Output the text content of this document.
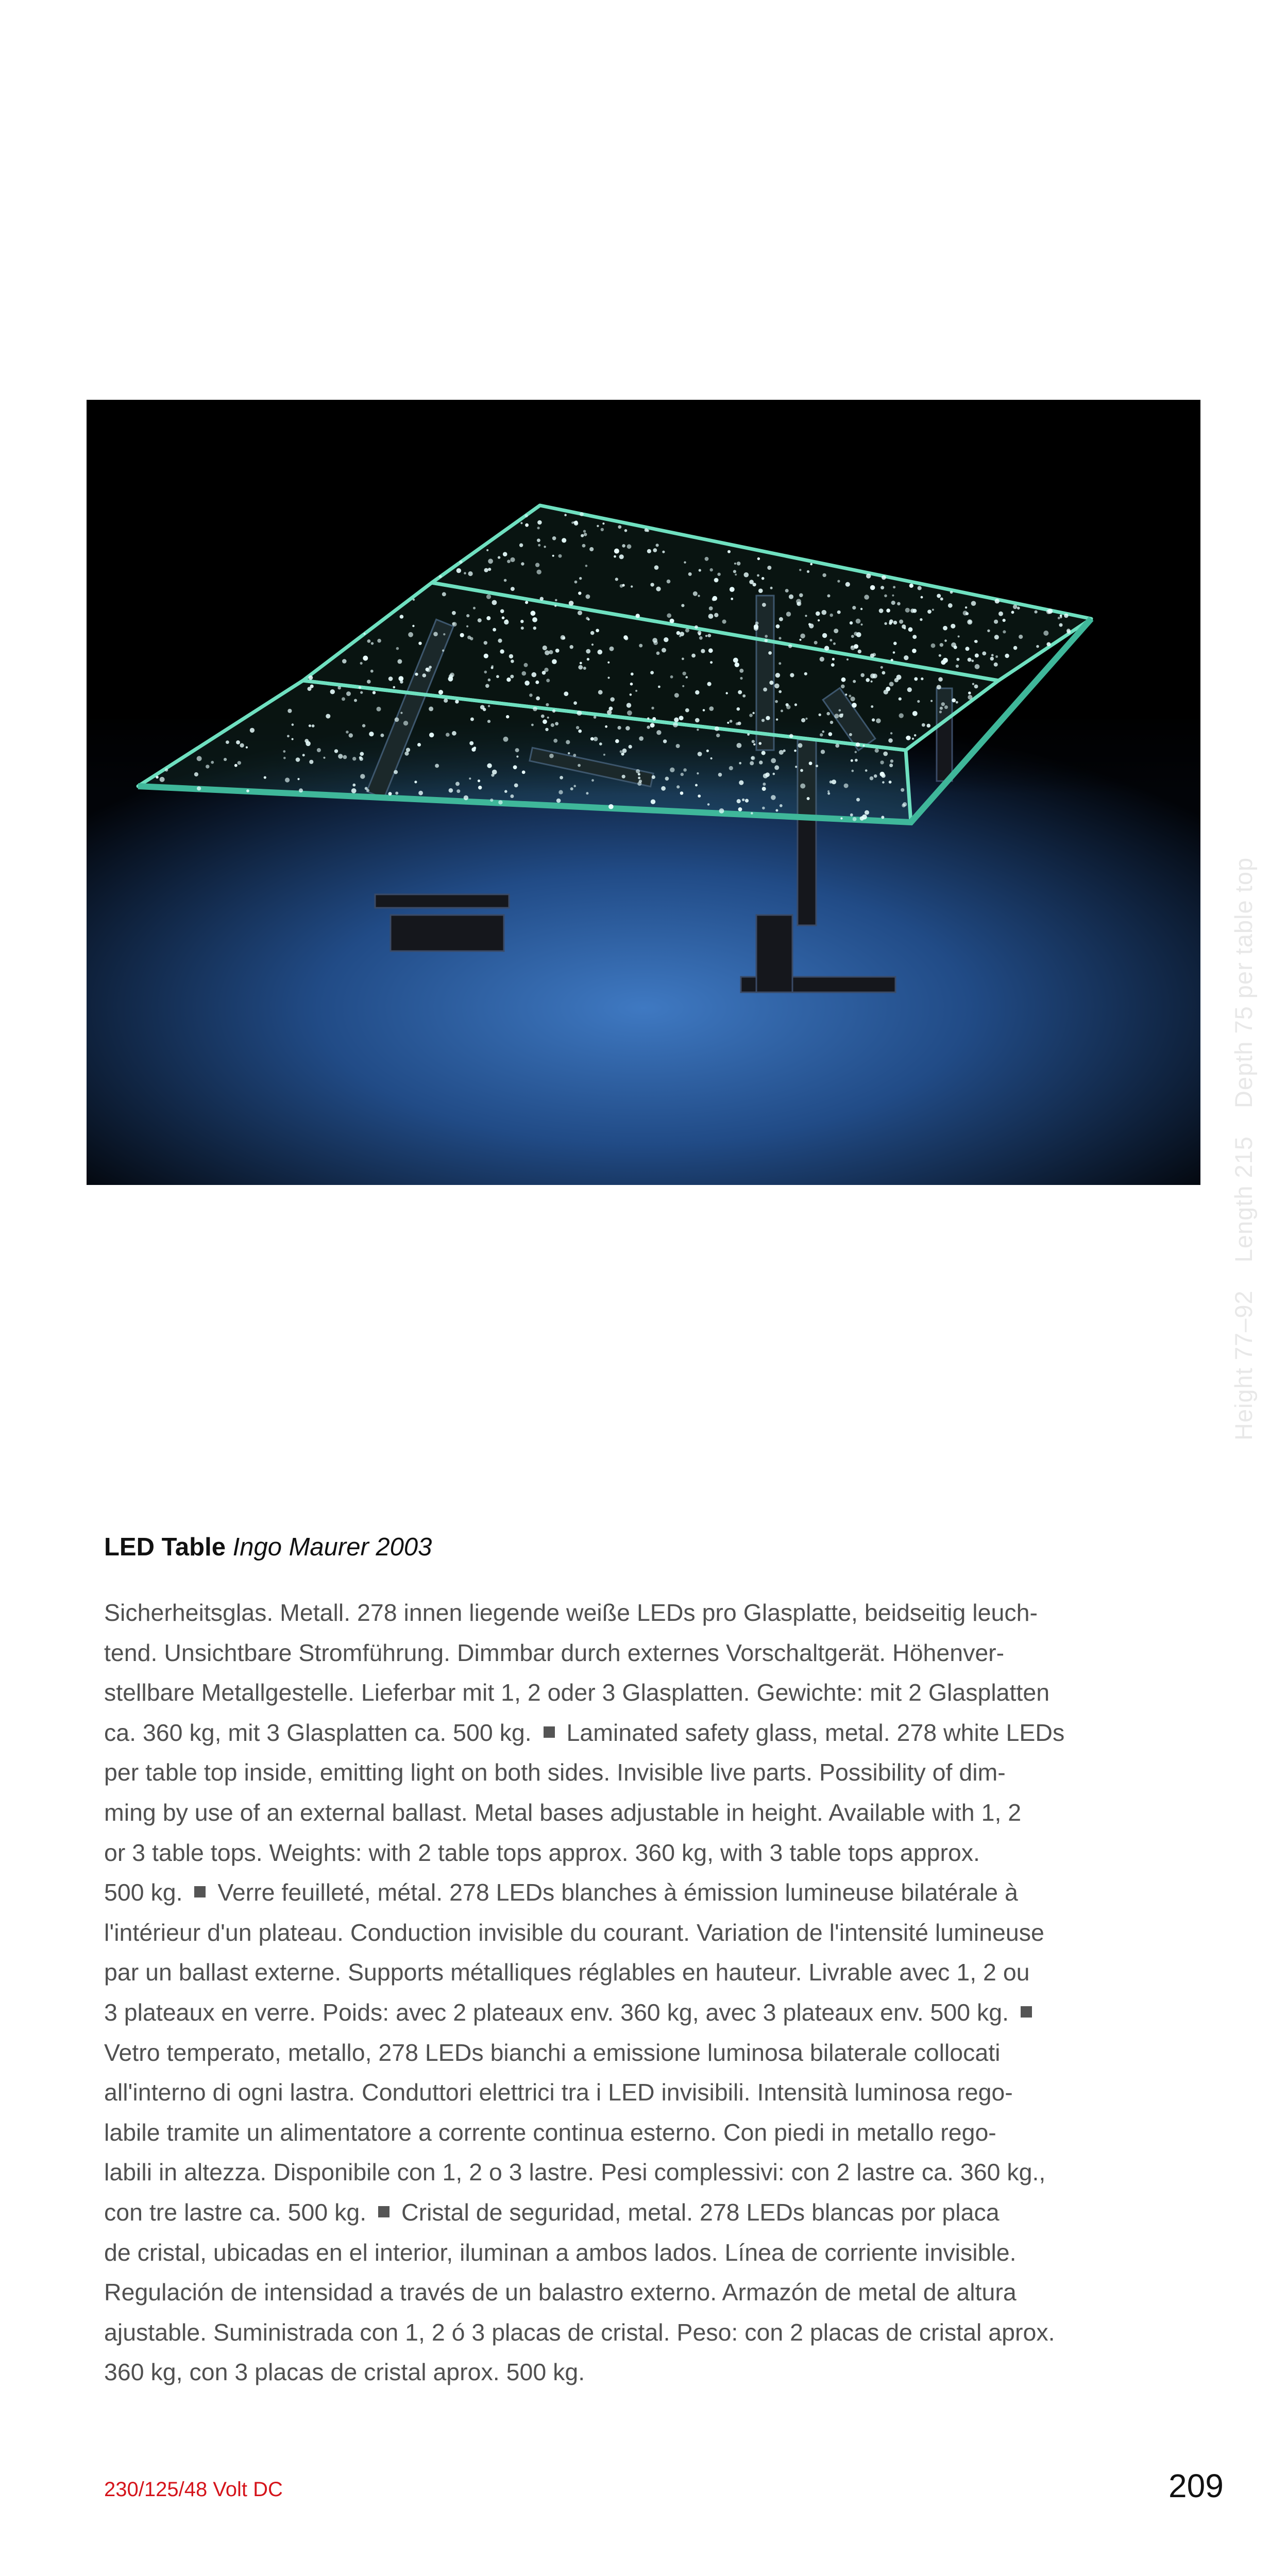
Height 77–92 Length 215 Depth 75 per table top
LED Table Ingo Maurer 2003
Sicherheitsglas. Metall. 278 innen liegende weiße LEDs pro Glasplatte, beidseitig leuch-
tend. Unsichtbare Stromführung. Dimmbar durch externes Vorschaltgerät. Höhenver-
stellbare Metallgestelle. Lieferbar mit 1, 2 oder 3 Glasplatten. Gewichte: mit 2 Glasplatten
ca. 360 kg, mit 3 Glasplatten ca. 500 kg.  Laminated safety glass, metal. 278 white LEDs
per table top inside, emitting light on both sides. Invisible live parts. Possibility of dim-
ming by use of an external ballast. Metal bases adjustable in height. Available with 1, 2
or 3 table tops. Weights: with 2 table tops approx. 360 kg, with 3 table tops approx.
500 kg.  Verre feuilleté, métal. 278 LEDs blanches à émission lumineuse bilatérale à
l'intérieur d'un plateau. Conduction invisible du courant. Variation de l'intensité lumineuse
par un ballast externe. Supports métalliques réglables en hauteur. Livrable avec 1, 2 ou
3 plateaux en verre. Poids: avec 2 plateaux env. 360 kg, avec 3 plateaux env. 500 kg.
Vetro temperato, metallo, 278 LEDs bianchi a emissione luminosa bilaterale collocati
all'interno di ogni lastra. Conduttori elettrici tra i LED invisibili. Intensità luminosa rego-
labile tramite un alimentatore a corrente continua esterno. Con piedi in metallo rego-
labili in altezza. Disponibile con 1, 2 o 3 lastre. Pesi complessivi: con 2 lastre ca. 360 kg.,
con tre lastre ca. 500 kg.  Cristal de seguridad, metal. 278 LEDs blancas por placa
de cristal, ubicadas en el interior, iluminan a ambos lados. Línea de corriente invisible.
Regulación de intensidad a través de un balastro externo. Armazón de metal de altura
ajustable. Suministrada con 1, 2 ó 3 placas de cristal. Peso: con 2 placas de cristal aprox.
360 kg, con 3 placas de cristal aprox. 500 kg.
230/125/48 Volt DC	209
